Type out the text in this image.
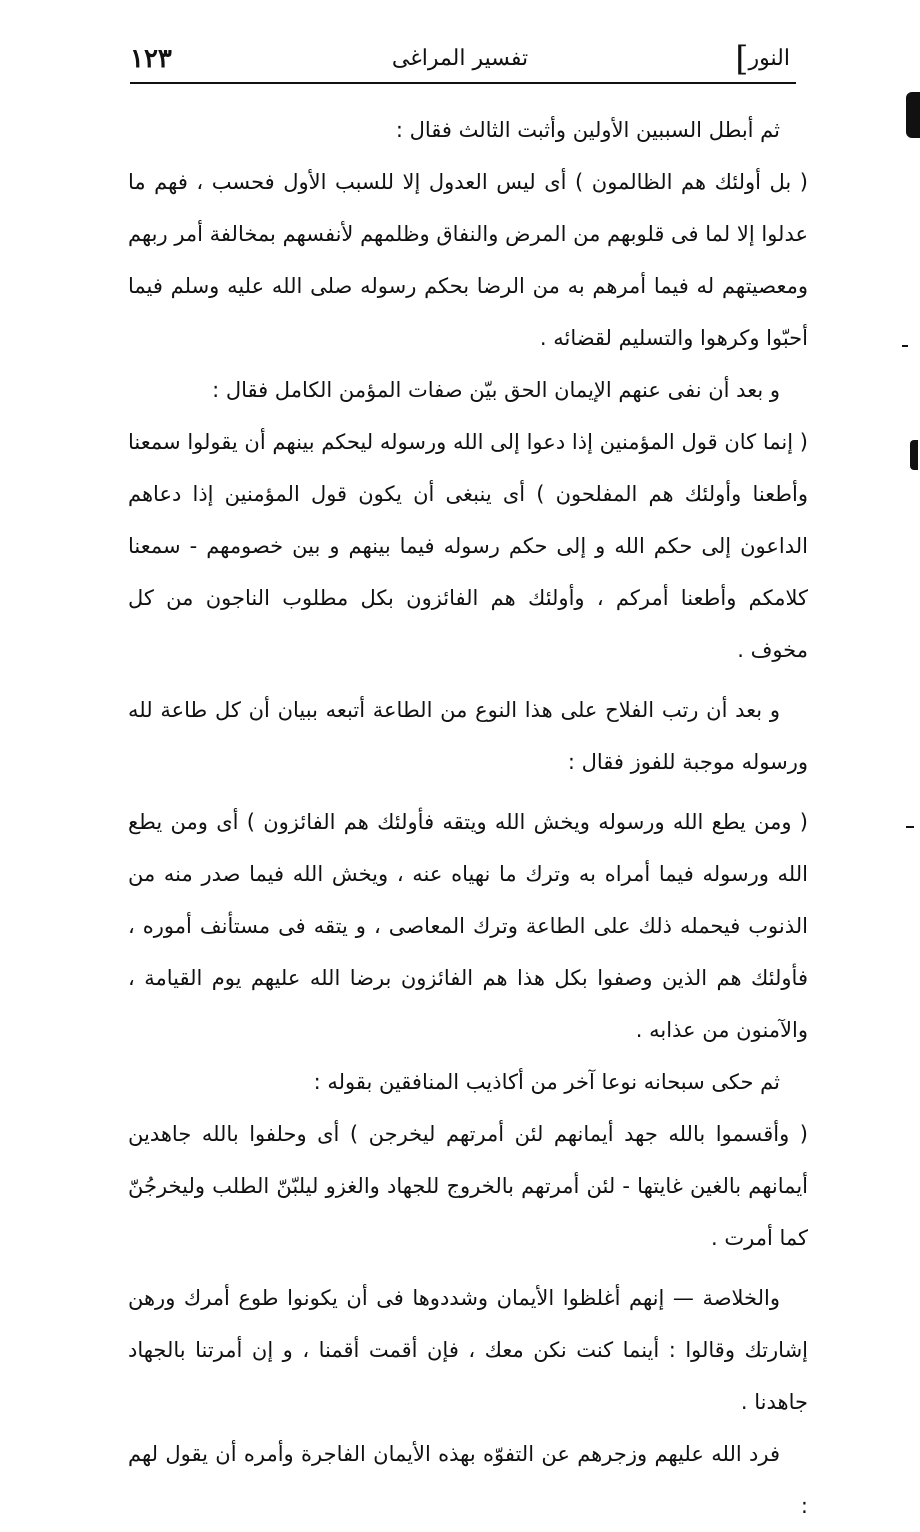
١٢٣	تفسير المراغى	النور]

ثم أبطل السببين الأولين وأثبت الثالث فقال :

( بل أولئك هم الظالمون ) أى ليس العدول إلا للسبب الأول فحسب ، فهم ما عدلوا إلا لما فى قلوبهم من المرض والنفاق وظلمهم لأنفسهم بمخالفة أمر ربهم ومعصيتهم له فيما أمرهم به من الرضا بحكم رسوله صلى الله عليه وسلم فيما أحبّوا وكرهوا والتسليم لقضائه .

و بعد أن نفى عنهم الإيمان الحق بيّن صفات المؤمن الكامل فقال :

( إنما كان قول المؤمنين إذا دعوا إلى الله ورسوله ليحكم بينهم أن يقولوا سمعنا وأطعنا وأولئك هم المفلحون ) أى ينبغى أن يكون قول المؤمنين إذا دعاهم الداعون إلى حكم الله و إلى حكم رسوله فيما بينهم و بين خصومهم - سمعنا كلامكم وأطعنا أمركم ، وأولئك هم الفائزون بكل مطلوب الناجون من كل مخوف .

و بعد أن رتب الفلاح على هذا النوع من الطاعة أتبعه ببيان أن كل طاعة لله ورسوله موجبة للفوز فقال :

( ومن يطع الله ورسوله ويخش الله ويتقه فأولئك هم الفائزون ) أى ومن يطع الله ورسوله فيما أمراه به وترك ما نهياه عنه ، ويخش الله فيما صدر منه من الذنوب فيحمله ذلك على الطاعة وترك المعاصى ، و يتقه فى مستأنف أموره ، فأولئك هم الذين وصفوا بكل هذا هم الفائزون برضا الله عليهم يوم القيامة ، والآمنون من عذابه .

ثم حكى سبحانه نوعا آخر من أكاذيب المنافقين بقوله :

( وأقسموا بالله جهد أيمانهم لئن أمرتهم ليخرجن ) أى وحلفوا بالله جاهدين أيمانهم بالغين غايتها - لئن أمرتهم بالخروج للجهاد والغزو ليلبّنّ الطلب وليخرجُنّ كما أمرت .

والخلاصة — إنهم أغلظوا الأيمان وشددوها فى أن يكونوا طوع أمرك ورهن إشارتك وقالوا : أينما كنت نكن معك ، فإن أقمت أقمنا ، و إن أمرتنا بالجهاد جاهدنا .

فرد الله عليهم وزجرهم عن التفوّه بهذه الأيمان الفاجرة وأمره أن يقول لهم :
